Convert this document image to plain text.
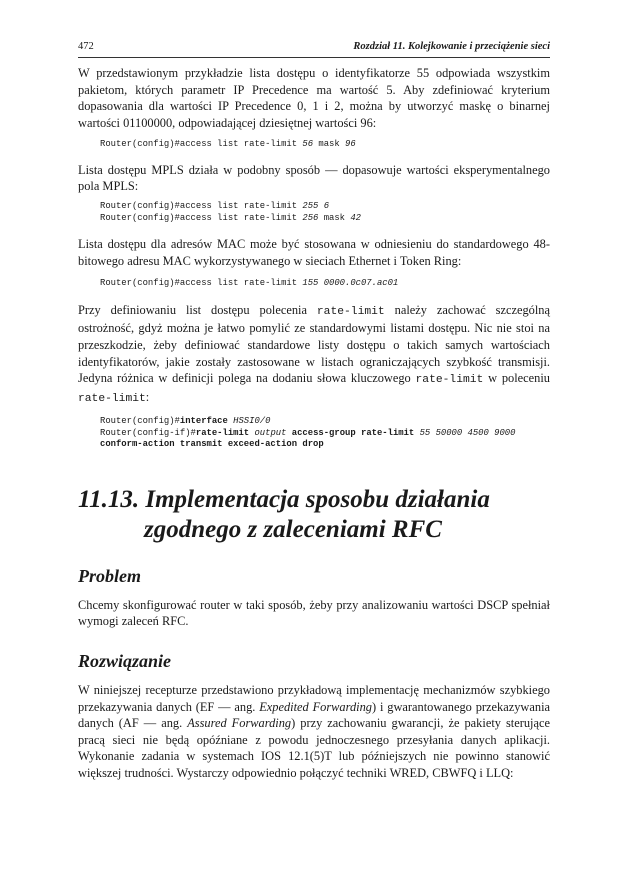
472	Rozdział 11. Kolejkowanie i przeciążenie sieci

W przedstawionym przykładzie lista dostępu o identyfikatorze 55 odpowiada wszystkim pakietom, których parametr IP Precedence ma wartość 5. Aby zdefiniować kryterium dopasowania dla wartości IP Precedence 0, 1 i 2, można by utworzyć maskę o binarnej wartości 01100000, odpowiadającej dziesiętnej wartości 96:

Router(config)#access list rate-limit 56 mask 96

Lista dostępu MPLS działa w podobny sposób — dopasowuje wartości eksperymentalnego pola MPLS:

Router(config)#access list rate-limit 255 6
Router(config)#access list rate-limit 256 mask 42

Lista dostępu dla adresów MAC może być stosowana w odniesieniu do standardowego 48-bitowego adresu MAC wykorzystywanego w sieciach Ethernet i Token Ring:

Router(config)#access list rate-limit 155 0000.0c07.ac01

Przy definiowaniu list dostępu polecenia rate-limit należy zachować szczególną ostrożność, gdyż można je łatwo pomylić ze standardowymi listami dostępu. Nic nie stoi na przeszkodzie, żeby definiować standardowe listy dostępu o takich samych wartościach identyfikatorów, jakie zostały zastosowane w listach ograniczających szybkość transmisji. Jedyna różnica w definicji polega na dodaniu słowa kluczowego rate-limit w poleceniu rate-limit:

Router(config)#interface HSSI0/0
Router(config-if)#rate-limit output access-group rate-limit 55 50000 4500 9000
conform-action transmit exceed-action drop
11.13. Implementacja sposobu działania
zgodnego z zaleceniami RFC
Problem

Chcemy skonfigurować router w taki sposób, żeby przy analizowaniu wartości DSCP spełniał wymogi zaleceń RFC.

Rozwiązanie

W niniejszej recepturze przedstawiono przykładową implementację mechanizmów szybkiego przekazywania danych (EF — ang. Expedited Forwarding) i gwarantowanego przekazywania danych (AF — ang. Assured Forwarding) przy zachowaniu gwarancji, że pakiety sterujące pracą sieci nie będą opóźniane z powodu jednoczesnego przesyłania danych aplikacji. Wykonanie zadania w systemach IOS 12.1(5)T lub późniejszych nie powinno stanowić większej trudności. Wystarczy odpowiednio połączyć techniki WRED, CBWFQ i LLQ:
